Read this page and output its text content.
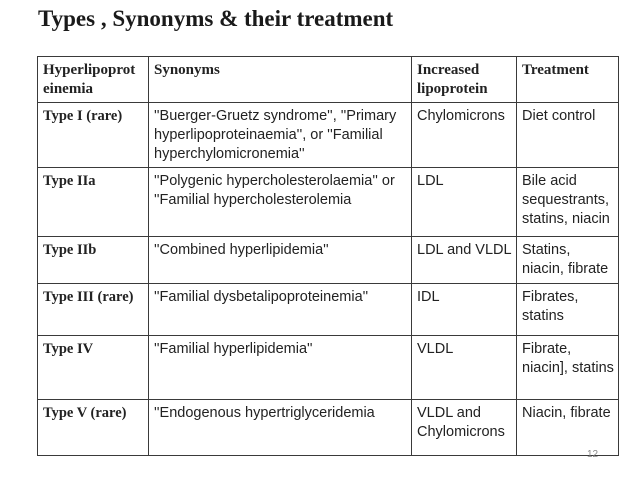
Types , Synonyms & their treatment
Hyperlipoprot einemia	Synonyms	Increased lipoprotein	Treatment
Type I (rare)	''Buerger-Gruetz syndrome'', ''Primary hyperlipoproteinaemia'', or ''Familial hyperchylomicronemia''	Chylomicrons	Diet control
Type IIa	''Polygenic hypercholesterolaemia'' or ''Familial hypercholesterolemia	LDL	Bile acid sequestrants, statins, niacin
Type IIb	''Combined hyperlipidemia''	LDL and VLDL	Statins, niacin, fibrate
Type III (rare)	''Familial dysbetalipoproteinemia''	IDL	Fibrates, statins
Type IV	''Familial hyperlipidemia''	VLDL	Fibrate, niacin], statins
Type V (rare)	''Endogenous hypertriglyceridemia	VLDL and Chylomicrons	Niacin, fibrate
12
